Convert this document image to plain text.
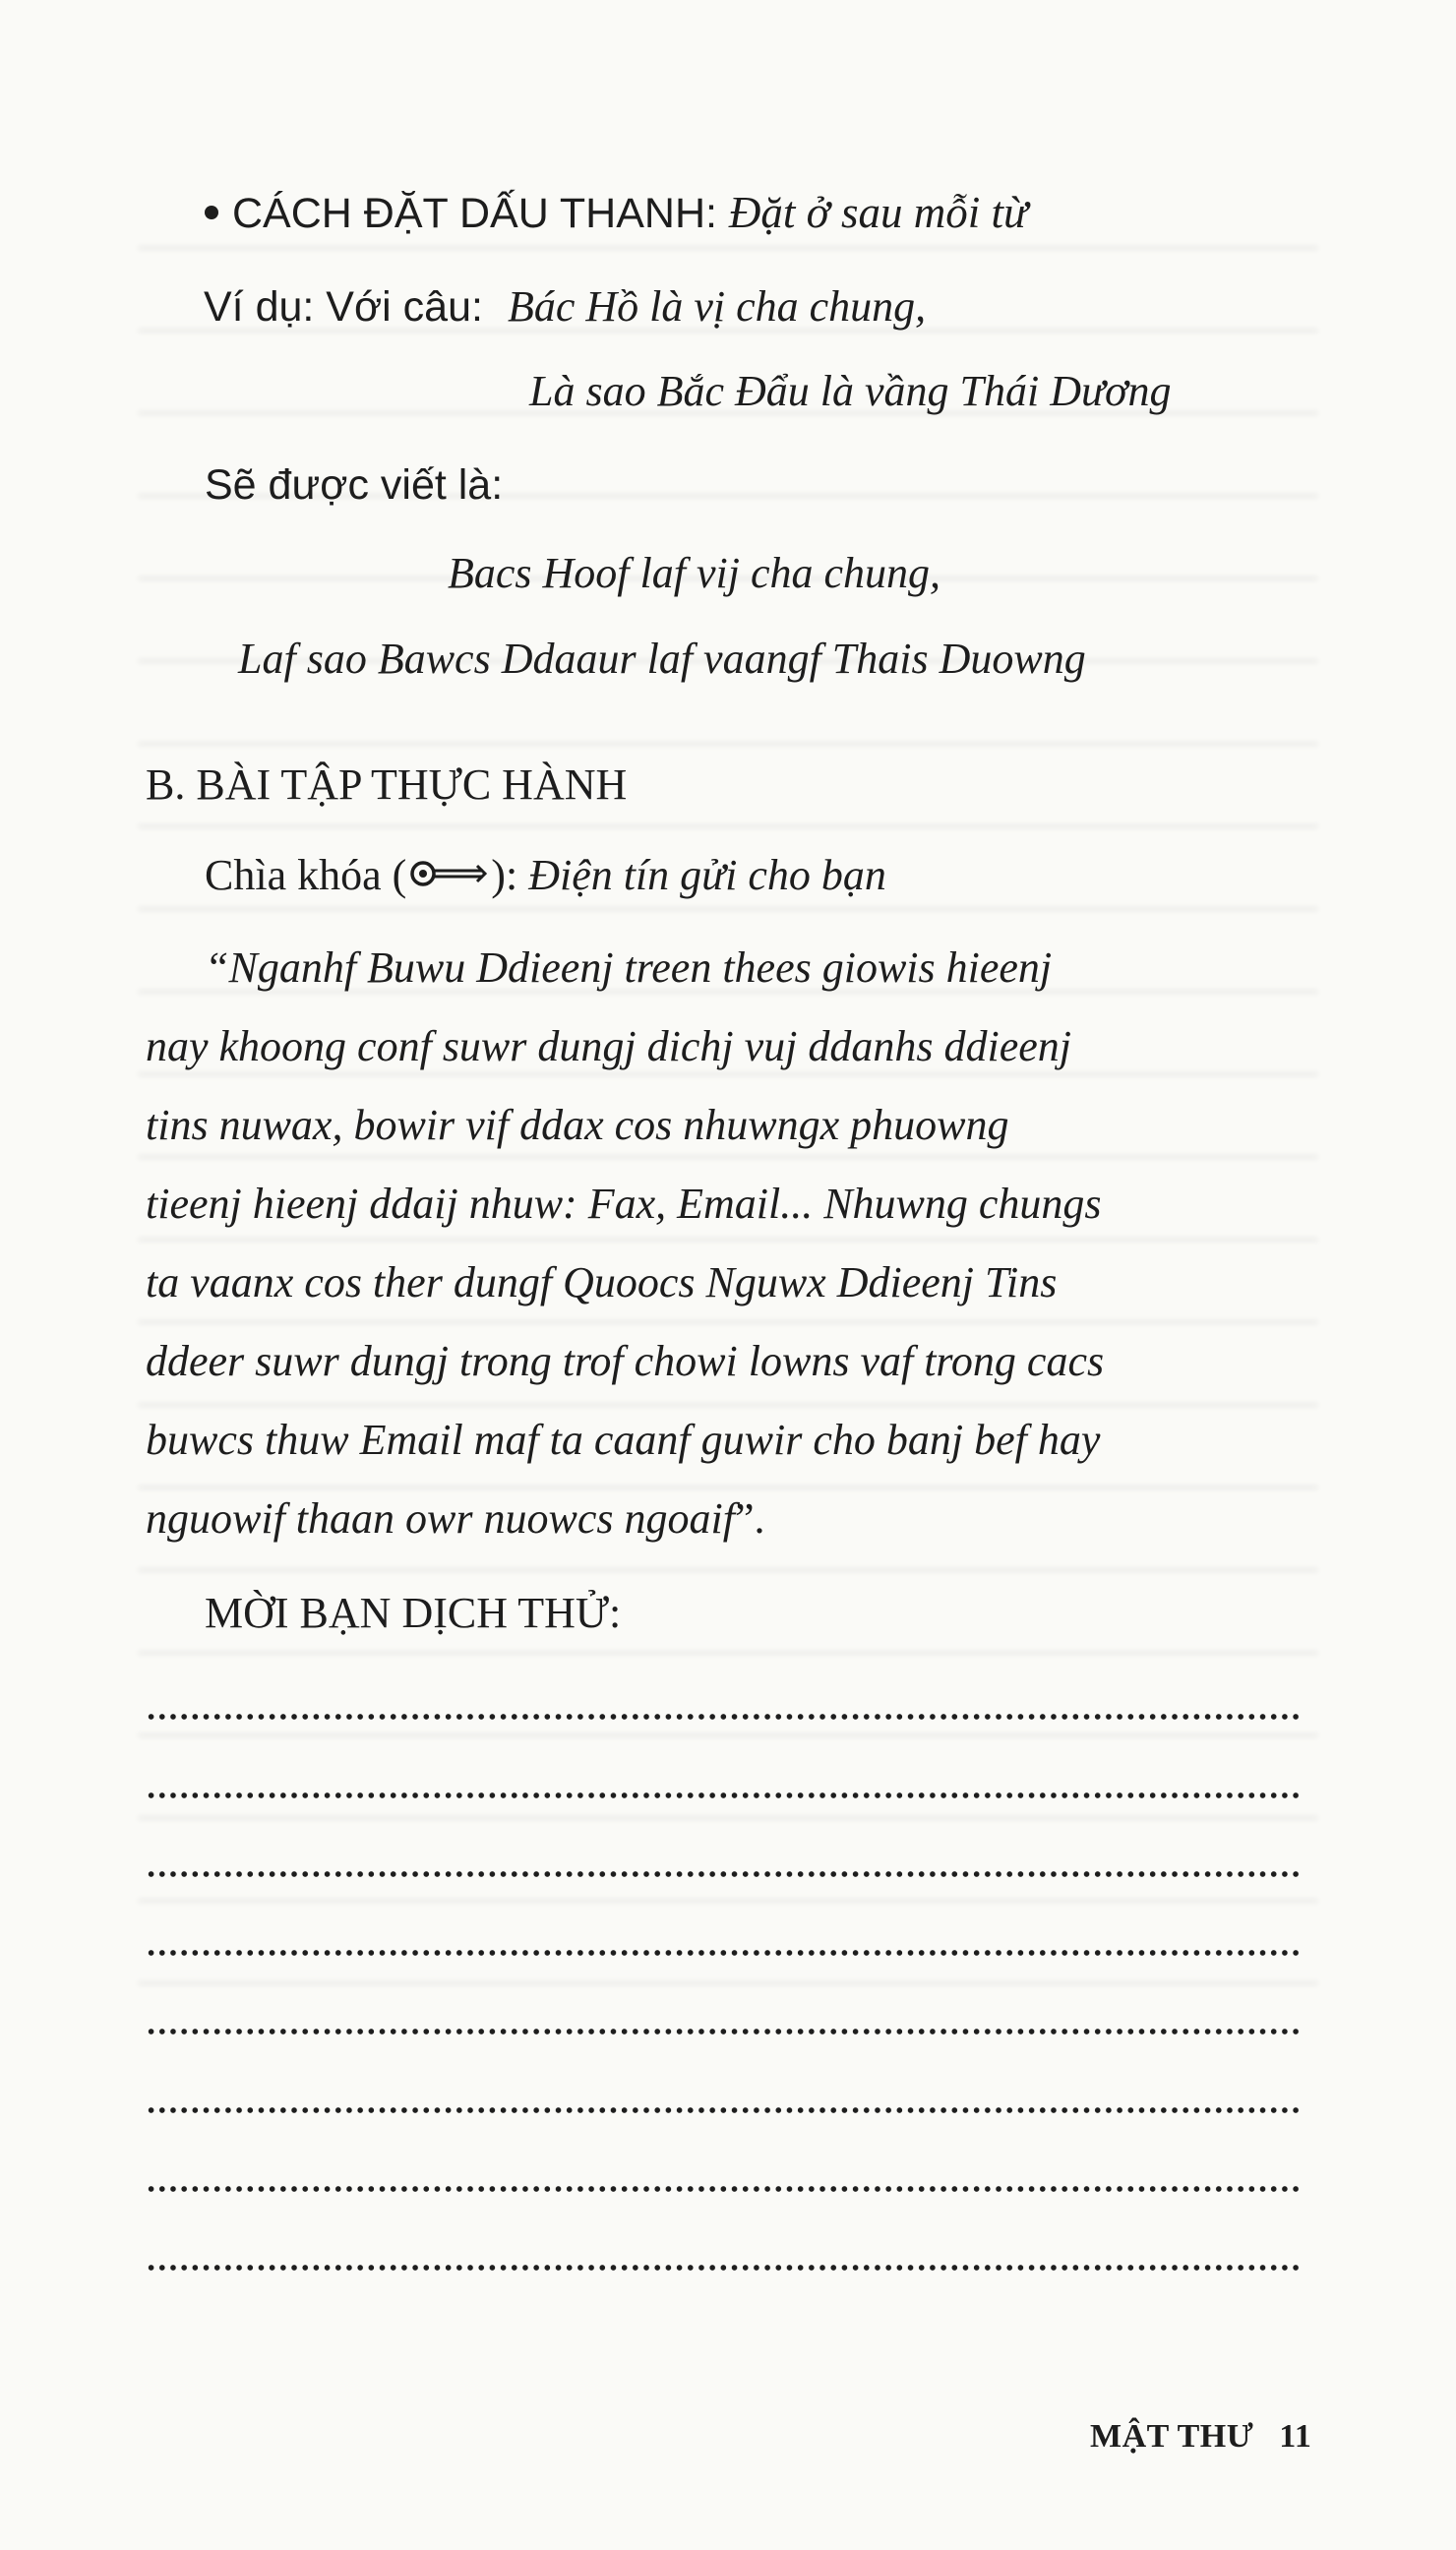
CÁCH ĐẶT DẤU THANH: Đặt ở sau mỗi từ
Ví dụ: Với câu: Bác Hồ là vị cha chung,
Là sao Bắc Đẩu là vầng Thái Dương
Sẽ được viết là:
Bacs Hoof laf vij cha chung,
Laf sao Bawcs Ddaaur laf vaangf Thais Duowng
B. BÀI TẬP THỰC HÀNH
Chìa khóa ( ): Điện tín gửi cho bạn
“Nganhf Buwu Ddieenj treen thees giowis hieenj
nay khoong conf suwr dungj dichj vuj ddanhs ddieenj
tins nuwax, bowir vif ddax cos nhuwngx phuowng
tieenj hieenj ddaij nhuw: Fax, Email... Nhuwng chungs
ta vaanx cos ther dungf Quoocs Nguwx Ddieenj Tins
ddeer suwr dungj trong trof chowi lowns vaf trong cacs
buwcs thuw Email maf ta caanf guwir cho banj bef hay
nguowif thaan owr nuowcs ngoaif”.
MỜI BẠN DỊCH THỬ:
MẬT THƯ 11
